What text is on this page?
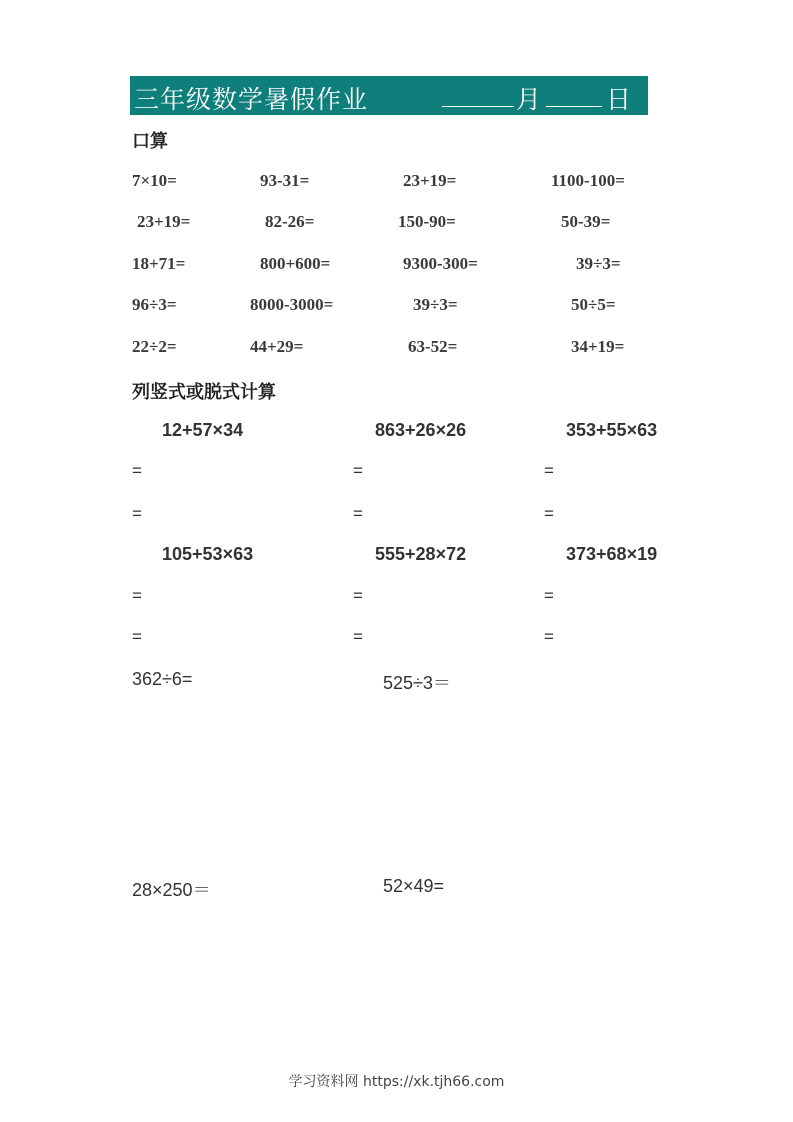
三年级数学暑假作业	月	日
口算
7×10=	93-31=	23+19=	1100-100=
23+19=	82-26=	150-90=	50-39=
18+71=	800+600=	9300-300=	39÷3=
96÷3=	8000-3000=	39÷3=	50÷5=
22÷2=	44+29=	63-52=	34+19=
列竖式或脱式计算
12+57×34	863+26×26	353+55×63
=	=	=
=	=	=
105+53×63	555+28×72	373+68×19
=	=	=
=	=	=
362÷6=	525÷3＝
28×250＝	52×49=
学习资料网 https://xk.tjh66.com
